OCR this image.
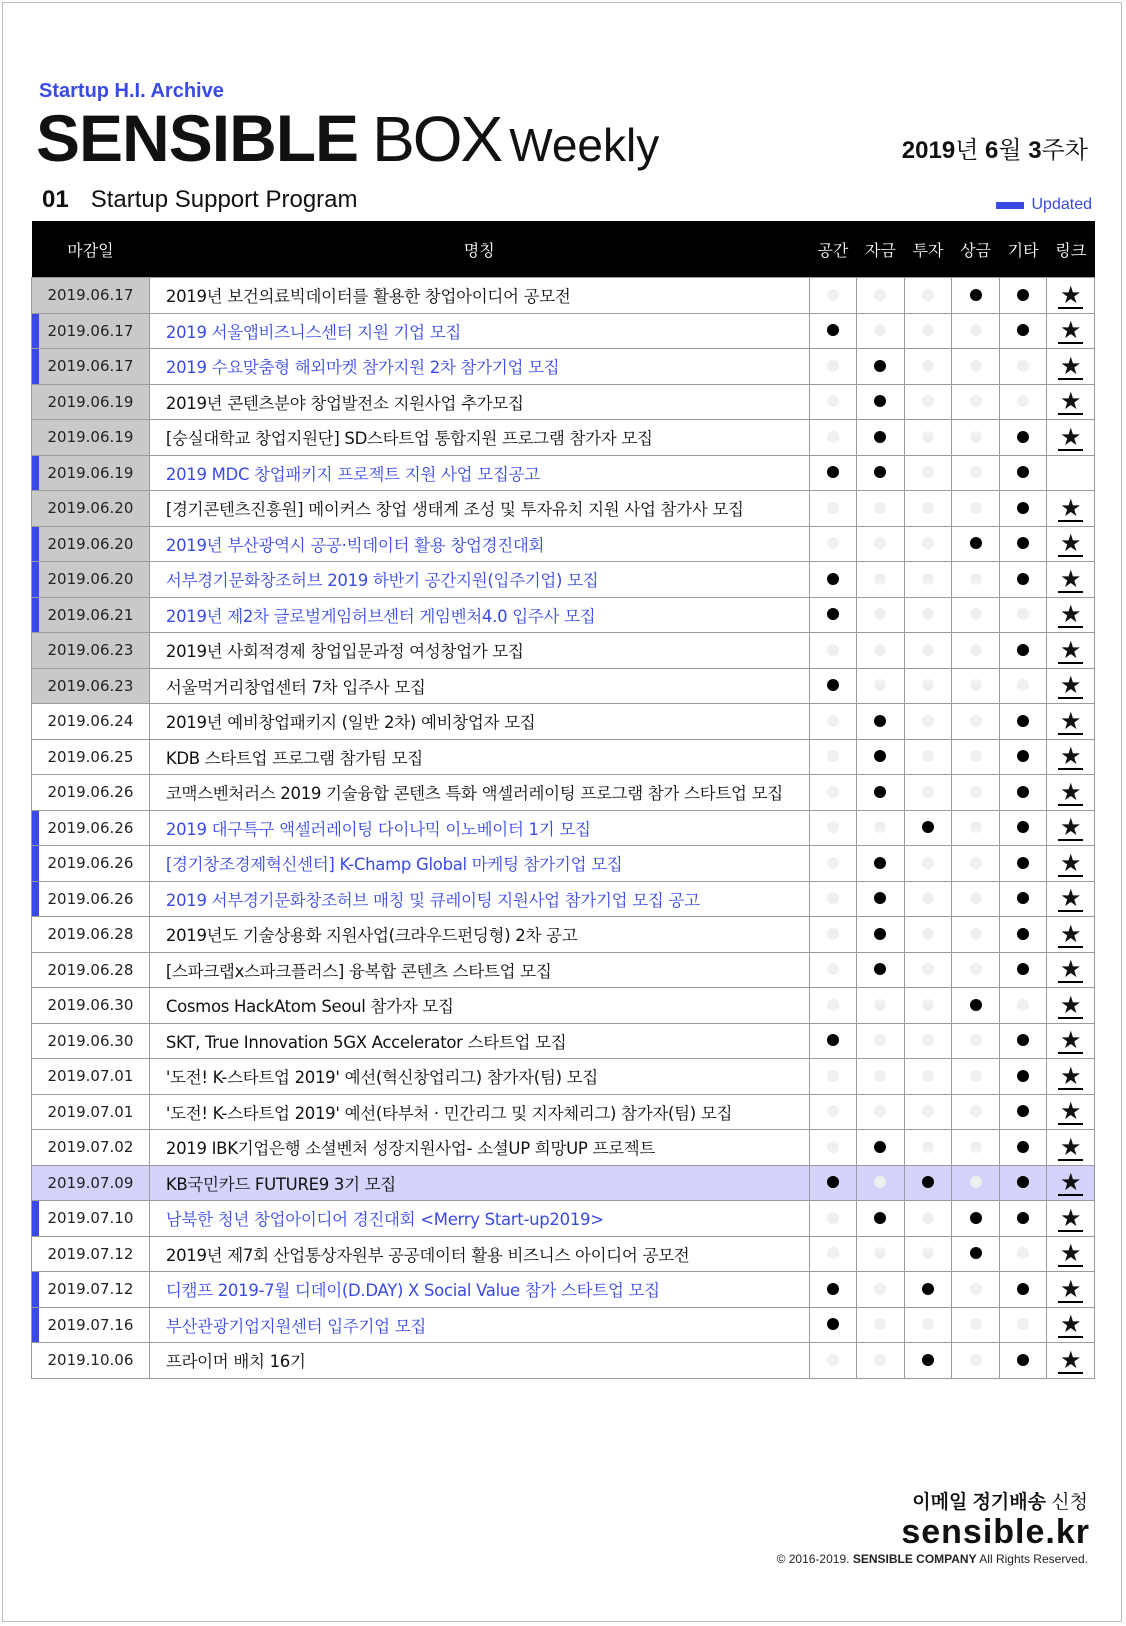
Startup H.I. Archive
SENSIBLE BOX Weekly	2019년 6월 3주차
01 Startup Support Program	Updated
마감일	명칭	공간	자금	투자	상금	기타	링크
2019.06.17	2019년 보건의료빅데이터를 활용한 창업아이디어 공모전						★
2019.06.17	2019 서울앱비즈니스센터 지원 기업 모집						★
2019.06.17	2019 수요맞춤형 해외마켓 참가지원 2차 참가기업 모집						★
2019.06.19	2019년 콘텐츠분야 창업발전소 지원사업 추가모집						★
2019.06.19	[숭실대학교 창업지원단] SD스타트업 통합지원 프로그램 참가자 모집						★
2019.06.19	2019 MDC 창업패키지 프로젝트 지원 사업 모집공고						
2019.06.20	[경기콘텐츠진흥원] 메이커스 창업 생태계 조성 및 투자유치 지원 사업 참가사 모집						★
2019.06.20	2019년 부산광역시 공공·빅데이터 활용 창업경진대회						★
2019.06.20	서부경기문화창조허브 2019 하반기 공간지원(입주기업) 모집						★
2019.06.21	2019년 제2차 글로벌게임허브센터 게임벤처4.0 입주사 모집						★
2019.06.23	2019년 사회적경제 창업입문과정 여성창업가 모집						★
2019.06.23	서울먹거리창업센터 7차 입주사 모집						★
2019.06.24	2019년 예비창업패키지 (일반 2차) 예비창업자 모집						★
2019.06.25	KDB 스타트업 프로그램 참가팀 모집						★
2019.06.26	코맥스벤처러스 2019 기술융합 콘텐츠 특화 액셀러레이팅 프로그램 참가 스타트업 모집						★
2019.06.26	2019 대구특구 액셀러레이팅 다이나믹 이노베이터 1기 모집						★
2019.06.26	[경기창조경제혁신센터] K-Champ Global 마케팅 참가기업 모집						★
2019.06.26	2019 서부경기문화창조허브 매칭 및 큐레이팅 지원사업 참가기업 모집 공고						★
2019.06.28	2019년도 기술상용화 지원사업(크라우드펀딩형) 2차 공고						★
2019.06.28	[스파크랩x스파크플러스] 융복합 콘텐츠 스타트업 모집						★
2019.06.30	Cosmos HackAtom Seoul 참가자 모집						★
2019.06.30	SKT, True Innovation 5GX Accelerator 스타트업 모집						★
2019.07.01	'도전! K-스타트업 2019' 예선(혁신창업리그) 참가자(팀) 모집						★
2019.07.01	'도전! K-스타트업 2019' 예선(타부처 · 민간리그 및 지자체리그) 참가자(팀) 모집						★
2019.07.02	2019 IBK기업은행 소셜벤처 성장지원사업- 소셜UP 희망UP 프로젝트						★
2019.07.09	KB국민카드 FUTURE9 3기 모집						★
2019.07.10	남북한 청년 창업아이디어 경진대회 <Merry Start-up2019>						★
2019.07.12	2019년 제7회 산업통상자원부 공공데이터 활용 비즈니스 아이디어 공모전						★
2019.07.12	디캠프 2019-7월 디데이(D.DAY) X Social Value 참가 스타트업 모집						★
2019.07.16	부산관광기업지원센터 입주기업 모집						★
2019.10.06	프라이머 배치 16기						★
이메일 정기배송 신청
sensible.kr
© 2016-2019. SENSIBLE COMPANY All Rights Reserved.
